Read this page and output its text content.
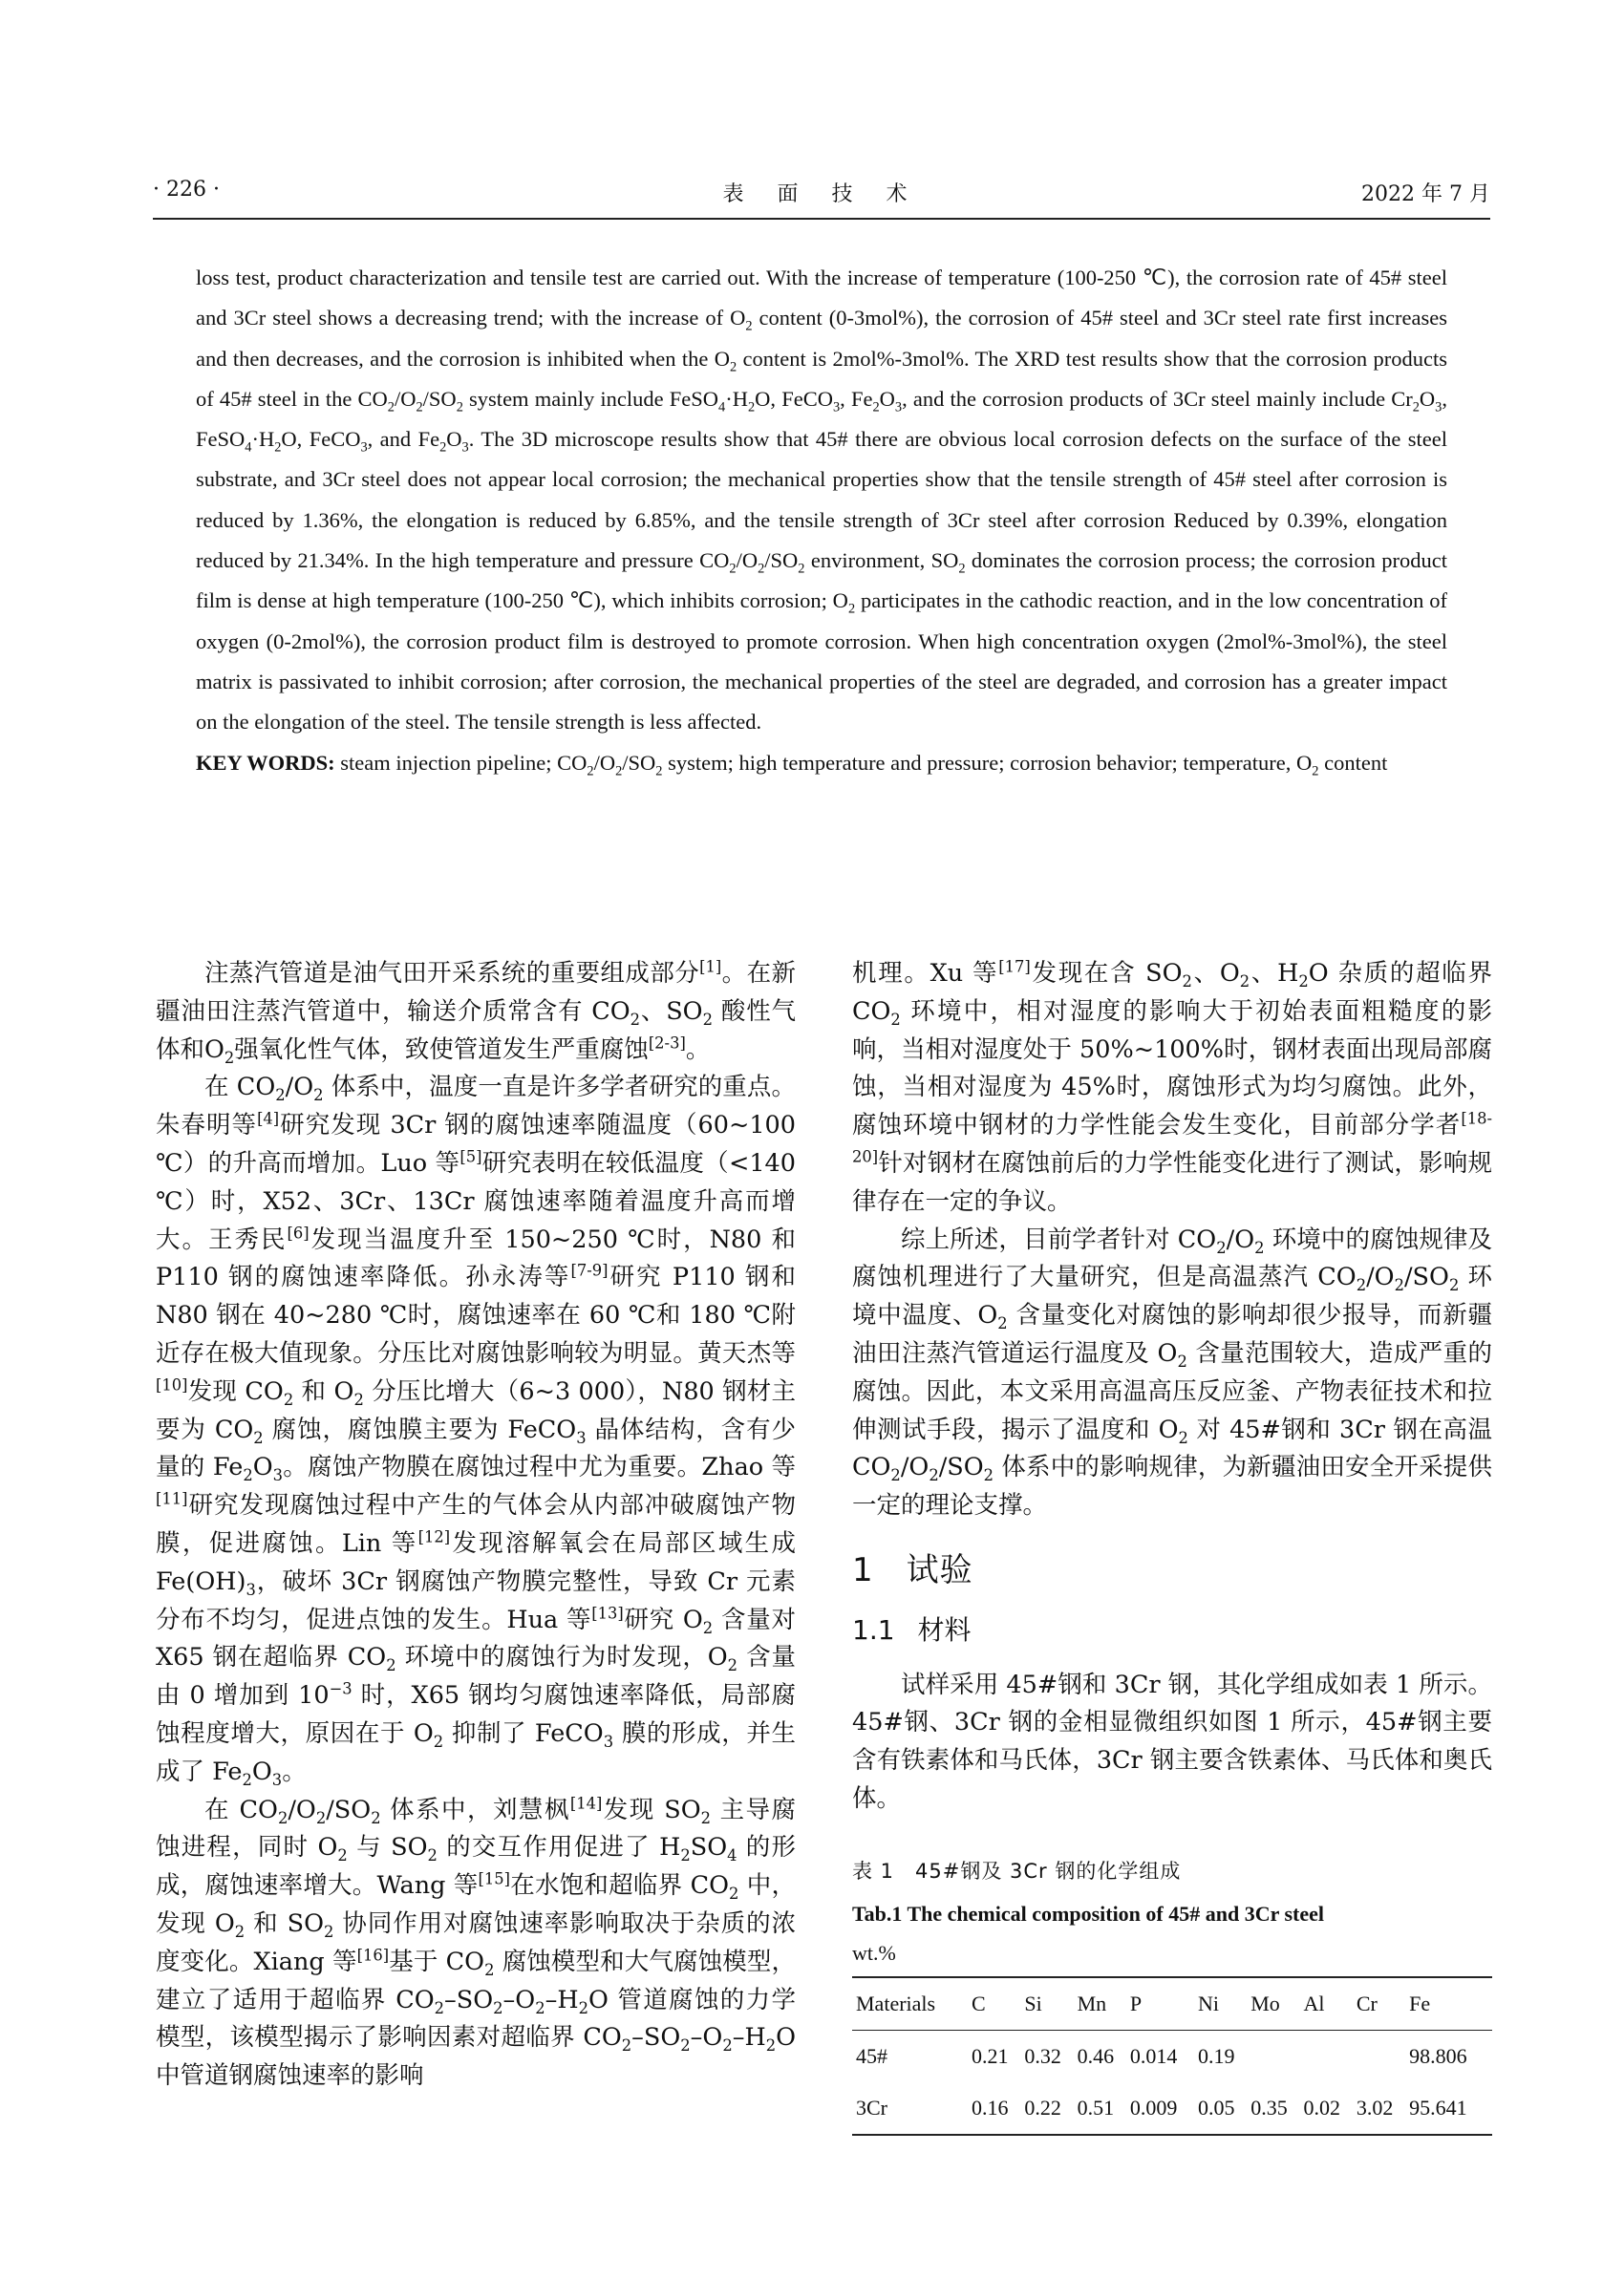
· 226 ·	表 面 技 术	2022 年 7 月

loss test, product characterization and tensile test are carried out. With the increase of temperature (100-250 ℃), the corrosion rate of 45# steel and 3Cr steel shows a decreasing trend; with the increase of $O_2$ content (0-3mol%), the corrosion of 45# steel and 3Cr steel rate first increases and then decreases, and the corrosion is inhibited when the $O_2$ content is 2mol%-3mol%. The XRD test results show that the corrosion products of 45# steel in the $CO_2/O_2/SO_2$ system mainly include $FeSO_4\cdot H_2O$, FeCO$_3$, $Fe_2O_3$, and the corrosion products of 3Cr steel mainly include $Cr_2O_3$, $FeSO_4\cdot H_2O$, FeCO$_3$, and $Fe_2O_3$. The 3D microscope results show that 45# there are obvious local corrosion defects on the surface of the steel substrate, and 3Cr steel does not appear local corrosion; the mechanical properties show that the tensile strength of 45# steel after corrosion is reduced by 1.36%, the elongation is reduced by 6.85%, and the tensile strength of 3Cr steel after corrosion Reduced by 0.39%, elongation reduced by 21.34%. In the high temperature and pressure $CO_2/O_2/SO_2$ environment, $SO_2$ dominates the corrosion process; the corrosion product film is dense at high temperature (100-250 ℃), which inhibits corrosion; $O_2$ participates in the cathodic reaction, and in the low concentration of oxygen (0-2mol%), the corrosion product film is destroyed to promote corrosion. When high concentration oxygen (2mol%-3mol%), the steel matrix is passivated to inhibit corrosion; after corrosion, the mechanical properties of the steel are degraded, and corrosion has a greater impact on the elongation of the steel. The tensile strength is less affected.

KEY WORDS: steam injection pipeline; $CO_2/O_2/SO_2$ system; high temperature and pressure; corrosion behavior; temperature, $O_2$ content

注蒸汽管道是油气田开采系统的重要组成部分[1]。在新疆油田注蒸汽管道中，输送介质常含有 $CO_2$、$SO_2$ 酸性气体和$O_2$强氧化性气体，致使管道发生严重腐蚀[2-3]。

在 $CO_2/O_2$ 体系中，温度一直是许多学者研究的重点。朱春明等[4]研究发现 3Cr 钢的腐蚀速率随温度（60~100 ℃）的升高而增加。Luo 等[5]研究表明在较低温度（<140 ℃）时，X52、3Cr、13Cr 腐蚀速率随着温度升高而增大。王秀民[6]发现当温度升至 150~250 ℃时，N80 和 P110 钢的腐蚀速率降低。孙永涛等[7-9]研究 P110 钢和 N80 钢在 40~280 ℃时，腐蚀速率在 60 ℃和 180 ℃附近存在极大值现象。分压比对腐蚀影响较为明显。黄天杰等[10]发现 $CO_2$ 和 $O_2$ 分压比增大（6~3 000），N80 钢材主要为 $CO_2$ 腐蚀，腐蚀膜主要为 FeCO$_3$ 晶体结构，含有少量的 $Fe_2O_3$。腐蚀产物膜在腐蚀过程中尤为重要。Zhao 等[11]研究发现腐蚀过程中产生的气体会从内部冲破腐蚀产物膜，促进腐蚀。Lin 等[12]发现溶解氧会在局部区域生成 $Fe(OH)_3$，破坏 3Cr 钢腐蚀产物膜完整性，导致 Cr 元素分布不均匀，促进点蚀的发生。Hua 等[13]研究 $O_2$ 含量对 X65 钢在超临界 $CO_2$ 环境中的腐蚀行为时发现，$O_2$ 含量由 0 增加到 $10^{-3}$ 时，X65 钢均匀腐蚀速率降低，局部腐蚀程度增大，原因在于 $O_2$ 抑制了 FeCO$_3$ 膜的形成，并生成了 $Fe_2O_3$。

在 $CO_2/O_2/SO_2$ 体系中，刘慧枫[14]发现 $SO_2$ 主导腐蚀进程，同时 $O_2$ 与 $SO_2$ 的交互作用促进了 $H_2SO_4$ 的形成，腐蚀速率增大。Wang 等[15]在水饱和超临界 $CO_2$ 中，发现 $O_2$ 和 $SO_2$ 协同作用对腐蚀速率影响取决于杂质的浓度变化。Xiang 等[16]基于 $CO_2$ 腐蚀模型和大气腐蚀模型，建立了适用于超临界 $CO_2-SO_2-O_2-H_2O$ 管道腐蚀的力学模型，该模型揭示了影响因素对超临界 $CO_2-SO_2-O_2-H_2O$ 中管道钢腐蚀速率的影响

机理。Xu 等[17]发现在含 $SO_2$、$O_2$、$H_2O$ 杂质的超临界 $CO_2$ 环境中，相对湿度的影响大于初始表面粗糙度的影响，当相对湿度处于 50%~100%时，钢材表面出现局部腐蚀，当相对湿度为 45%时，腐蚀形式为均匀腐蚀。此外，腐蚀环境中钢材的力学性能会发生变化，目前部分学者[18-20]针对钢材在腐蚀前后的力学性能变化进行了测试，影响规律存在一定的争议。

综上所述，目前学者针对 $CO_2/O_2$ 环境中的腐蚀规律及腐蚀机理进行了大量研究，但是高温蒸汽 $CO_2/O_2/SO_2$ 环境中温度、$O_2$ 含量变化对腐蚀的影响却很少报导，而新疆油田注蒸汽管道运行温度及 $O_2$ 含量范围较大，造成严重的腐蚀。因此，本文采用高温高压反应釜、产物表征技术和拉伸测试手段，揭示了温度和 $O_2$ 对 45#钢和 3Cr 钢在高温 $CO_2/O_2/SO_2$ 体系中的影响规律，为新疆油田安全开采提供一定的理论支撑。

1 试验
1.1 材料

试样采用 45#钢和 3Cr 钢，其化学组成如表 1 所示。45#钢、3Cr 钢的金相显微组织如图 1 所示，45#钢主要含有铁素体和马氏体，3Cr 钢主要含铁素体、马氏体和奥氏体。

表 1　45#钢及 3Cr 钢的化学组成
Tab.1 The chemical composition of 45# and 3Cr steel
wt.%
Materials	C	Si	Mn	P	Ni	Mo	Al	Cr	Fe
45#	0.21	0.32	0.46	0.014	0.19				98.806
3Cr	0.16	0.22	0.51	0.009	0.05	0.35	0.02	3.02	95.641
